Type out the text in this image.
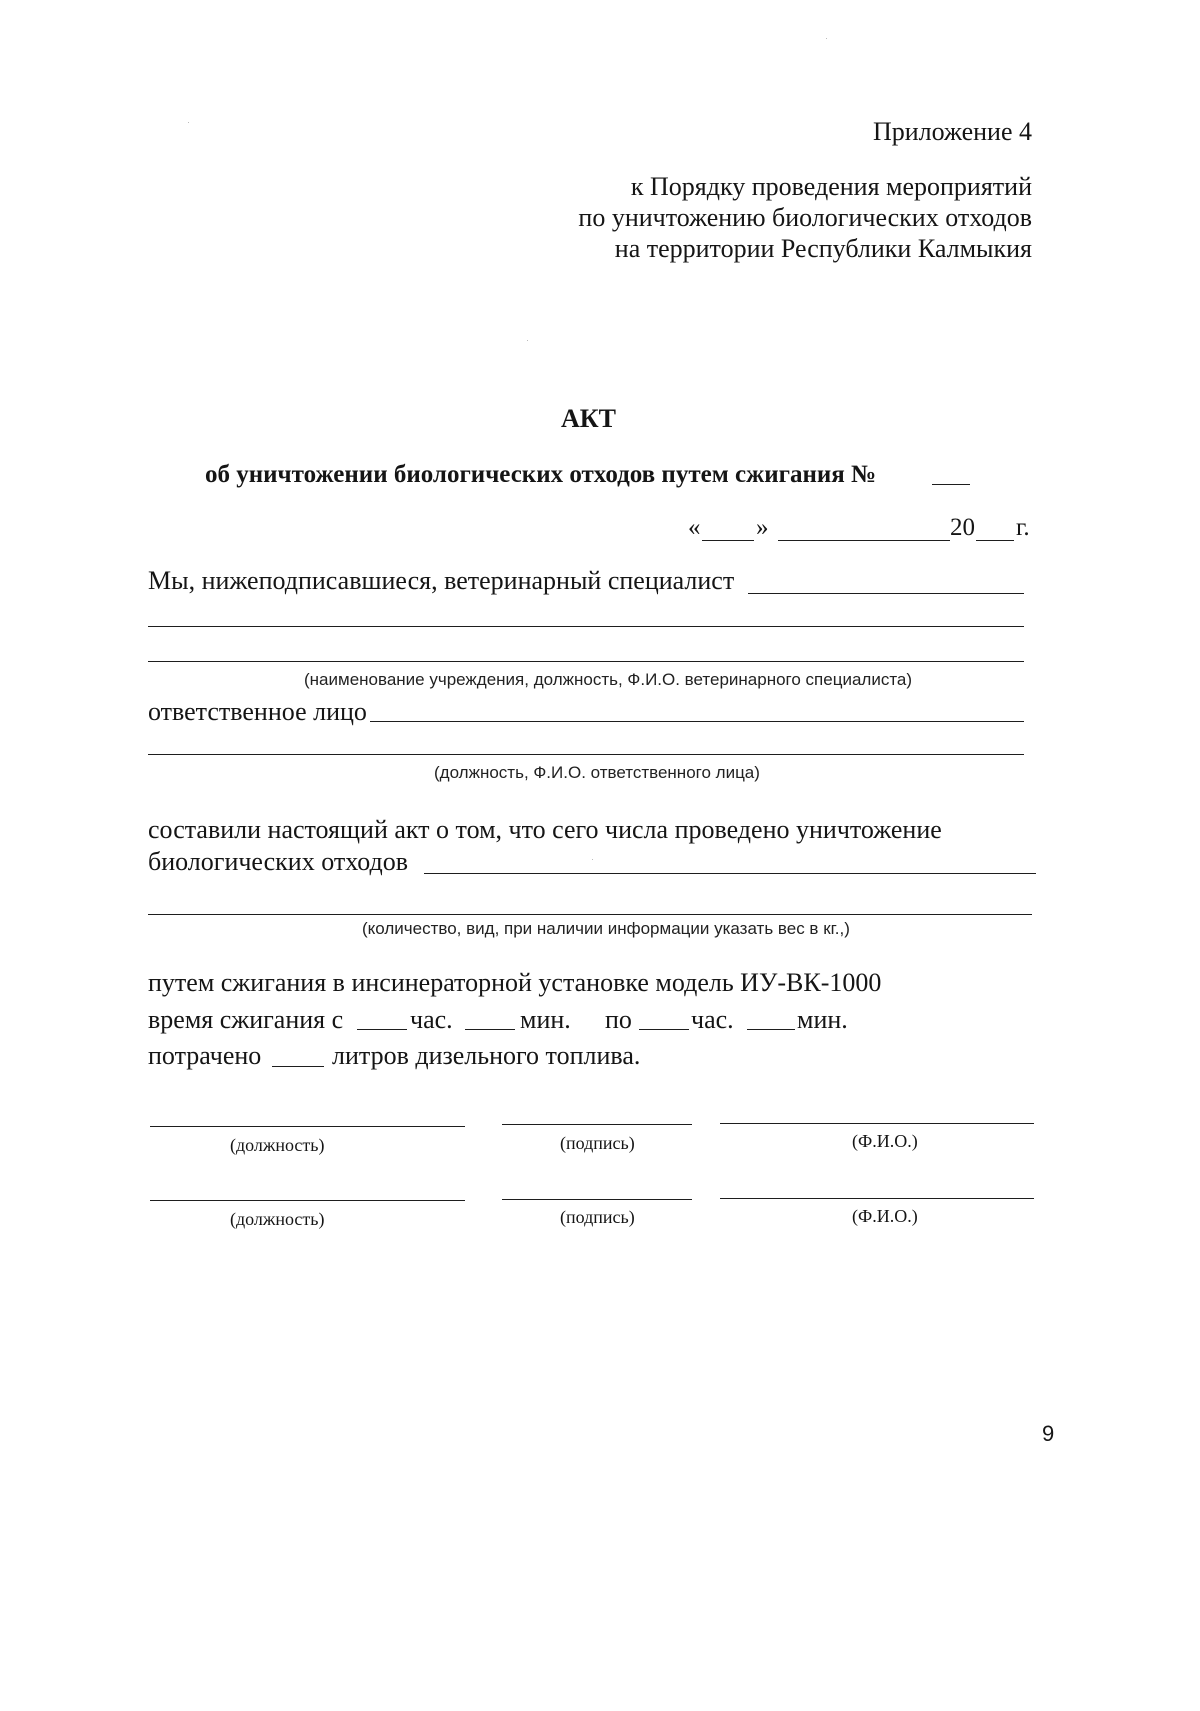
Приложение 4
к Порядку проведения мероприятий
по уничтожению биологических отходов
на территории Республики Калмыкия
АКТ
об уничтожении биологических отходов путем сжигания №
« »	20 г.
Мы, нижеподписавшиеся, ветеринарный специалист
(наименование учреждения, должность, Ф.И.О. ветеринарного специалиста)
ответственное лицо
(должность, Ф.И.О. ответственного лица)
составили настоящий акт о том, что сего числа проведено уничтожение
биологических отходов
(количество, вид, при наличии информации указать вес в кг.,)
путем сжигания в инсинераторной установке модель ИУ-ВК-1000
время сжигания с	час.	мин. по час. мин.
потрачено	литров дизельного топлива.
(должность)	(подпись)	(Ф.И.О.)
(должность)	(подпись)	(Ф.И.О.)
9
